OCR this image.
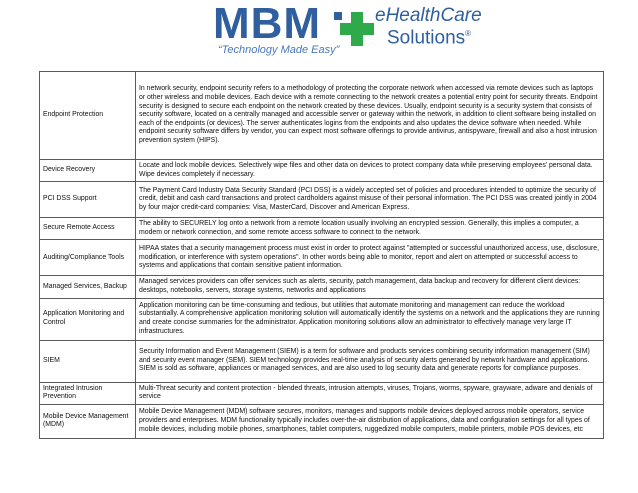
MBM	eHealthCare
Solutions®
“Technology Made Easy”
Endpoint Protection	In network security, endpoint security refers to a methodology of protecting the corporate network when accessed via remote devices such as laptops or other wireless and mobile devices. Each device with a remote connecting to the network creates a potential entry point for security threats. Endpoint security is designed to secure each endpoint on the network created by these devices. Usually, endpoint security is a security system that consists of security software, located on a centrally managed and accessible server or gateway within the network, in addition to client software being installed on each of the endpoints (or devices). The server authenticates logins from the endpoints and also updates the device software when needed. While endpoint security software differs by vendor, you can expect most software offerings to provide antivirus, antispyware, firewall and also a host intrusion prevention system (HIPS).
Device Recovery	Locate and lock mobile devices. Selectively wipe files and other data on devices to protect company data while preserving employees’ personal data. Wipe devices completely if necessary.
PCI DSS Support	The Payment Card Industry Data Security Standard (PCI DSS) is a widely accepted set of policies and procedures intended to optimize the security of credit, debit and cash card transactions and protect cardholders against misuse of their personal information. The PCI DSS was created jointly in 2004 by four major credit-card companies: Visa, MasterCard, Discover and American Express.
Secure Remote Access	The ability to SECURELY log onto a network from a remote location usually involving an encrypted session. Generally, this implies a computer, a modem or network connection, and some remote access software to connect to the network.
Auditing/Compliance Tools	HIPAA states that a security management process must exist in order to protect against "attempted or successful unauthorized access, use, disclosure, modification, or interference with system operations". In other words being able to monitor, report and alert on attempted or successful access to systems and applications that contain sensitive patient information.
Managed Services, Backup	Managed services providers can offer services such as alerts, security, patch management, data backup and recovery for different client devices: desktops, notebooks, servers, storage systems, networks and applications
Application Monitoring and Control	Application monitoring can be time-consuming and tedious, but utilities that automate monitoring and management can reduce the workload substantially. A comprehensive application monitoring solution will automatically identify the systems on a network and the applications they are running and create concise summaries for the administrator. Application monitoring solutions allow an administrator to effectively manage very large IT infrastructures.
SIEM	Security Information and Event Management (SIEM) is a term for software and products services combining security information management (SIM) and security event manager (SEM). SIEM technology provides real-time analysis of security alerts generated by network hardware and applications. SIEM is sold as software, appliances or managed services, and are also used to log security data and generate reports for compliance purposes.
Integrated Intrusion Prevention	Multi-Threat security and content protection - blended threats, intrusion attempts, viruses, Trojans, worms, spyware, grayware, adware and denials of service
Mobile Device Management (MDM)	Mobile Device Management (MDM) software secures, monitors, manages and supports mobile devices deployed across mobile operators, service providers and enterprises. MDM functionality typically includes over-the-air distribution of applications, data and configuration settings for all types of mobile devices, including mobile phones, smartphones, tablet computers, ruggedized mobile computers, mobile printers, mobile POS devices, etc
